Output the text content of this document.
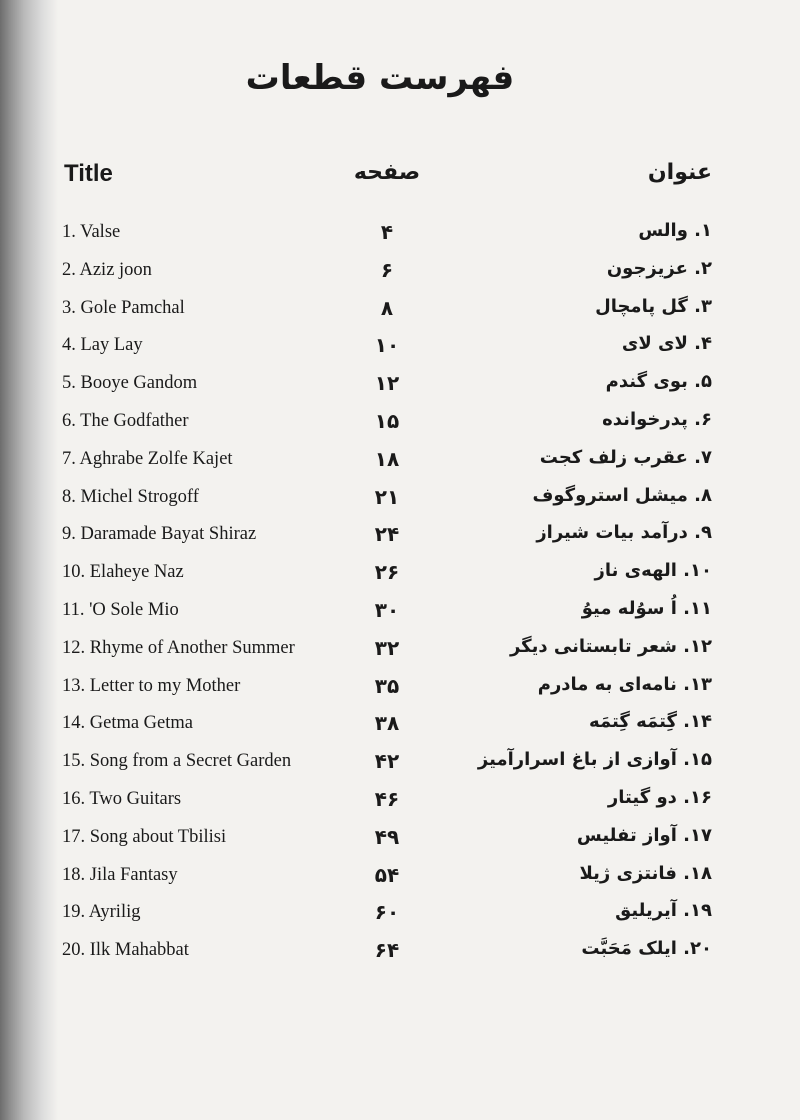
فهرست قطعات
Title	صفحه	عنوان
1. Valse	۴	۱. والس
2. Aziz joon	۶	۲. عزیزجون
3. Gole Pamchal	۸	۳. گل پامچال
4. Lay Lay	۱۰	۴. لای لای
5. Booye Gandom	۱۲	۵. بوی گندم
6. The Godfather	۱۵	۶. پدرخوانده
7. Aghrabe Zolfe Kajet	۱۸	۷. عقرب زلف کجت
8. Michel Strogoff	۲۱	۸. میشل استروگوف
9. Daramade Bayat Shiraz	۲۴	۹. درآمد بیات شیراز
10. Elaheye Naz	۲۶	۱۰. الهه‌ی ناز
11. 'O Sole Mio	۳۰	۱۱. اُ سوُله میوُ
12. Rhyme of Another Summer	۳۲	۱۲. شعر تابستانی دیگر
13. Letter to my Mother	۳۵	۱۳. نامه‌ای به مادرم
14. Getma Getma	۳۸	۱۴. گِتمَه گِتمَه
15. Song from a Secret Garden	۴۲	۱۵. آوازی از باغ اسرارآمیز
16. Two Guitars	۴۶	۱۶. دو گیتار
17. Song about Tbilisi	۴۹	۱۷. آواز تفلیس
18. Jila Fantasy	۵۴	۱۸. فانتزی ژیلا
19. Ayrilig	۶۰	۱۹. آیریلیق
20. Ilk Mahabbat	۶۴	۲۰. ایلک مَحَبَّت
